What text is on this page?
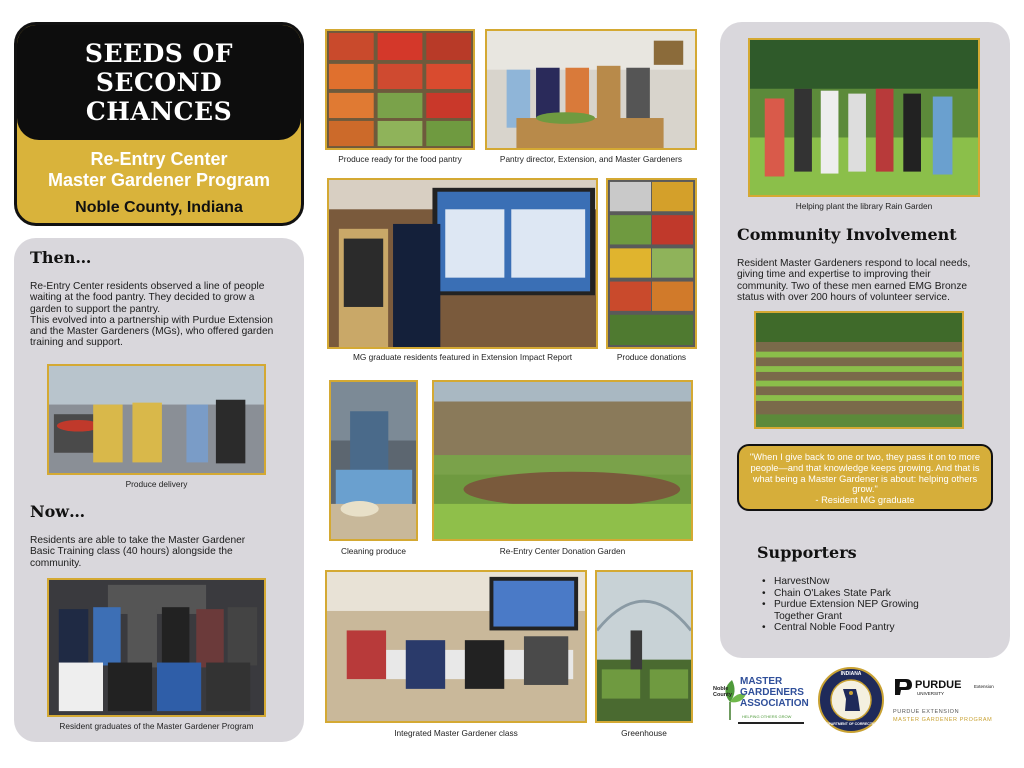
SEEDS OF
SECOND
CHANCES
Re-Entry Center
Master Gardener Program
Noble County, Indiana
Then…
Re-Entry Center residents observed a line of people waiting at the food pantry. They decided to grow a garden to support the pantry.
This evolved into a partnership with Purdue Extension and the Master Gardeners (MGs), who offered garden training and support.
Produce delivery
Now…
Residents are able to take the Master Gardener Basic Training class (40 hours) alongside the community.
Resident graduates of the Master Gardener Program
Produce ready for the food pantry	Pantry director, Extension, and Master Gardeners
MG graduate residents featured in Extension Impact Report	Produce donations
Cleaning produce	Re-Entry Center Donation Garden
Integrated Master Gardener class	Greenhouse
Helping plant the library Rain Garden
Community Involvement
Resident Master Gardeners respond to local needs, giving time and expertise to improving their community. Two of these men earned EMG Bronze status with over 200 hours of volunteer service.
"When I give back to one or two, they pass it on to more people—and that knowledge keeps growing. And that is what being a Master Gardener is about: helping others grow."
- Resident MG graduate
Supporters
• HarvestNow
• Chain O'Lakes State Park
• Purdue Extension NEP Growing Together Grant
• Central Noble Food Pantry
Noble
County
MASTER
GARDENERS
ASSOCIATION
HELPING OTHERS GROW
INDIANA
DEPARTMENT OF CORRECTION
PURDUE
UNIVERSITY
Extension
PURDUE EXTENSION
MASTER GARDENER PROGRAM
